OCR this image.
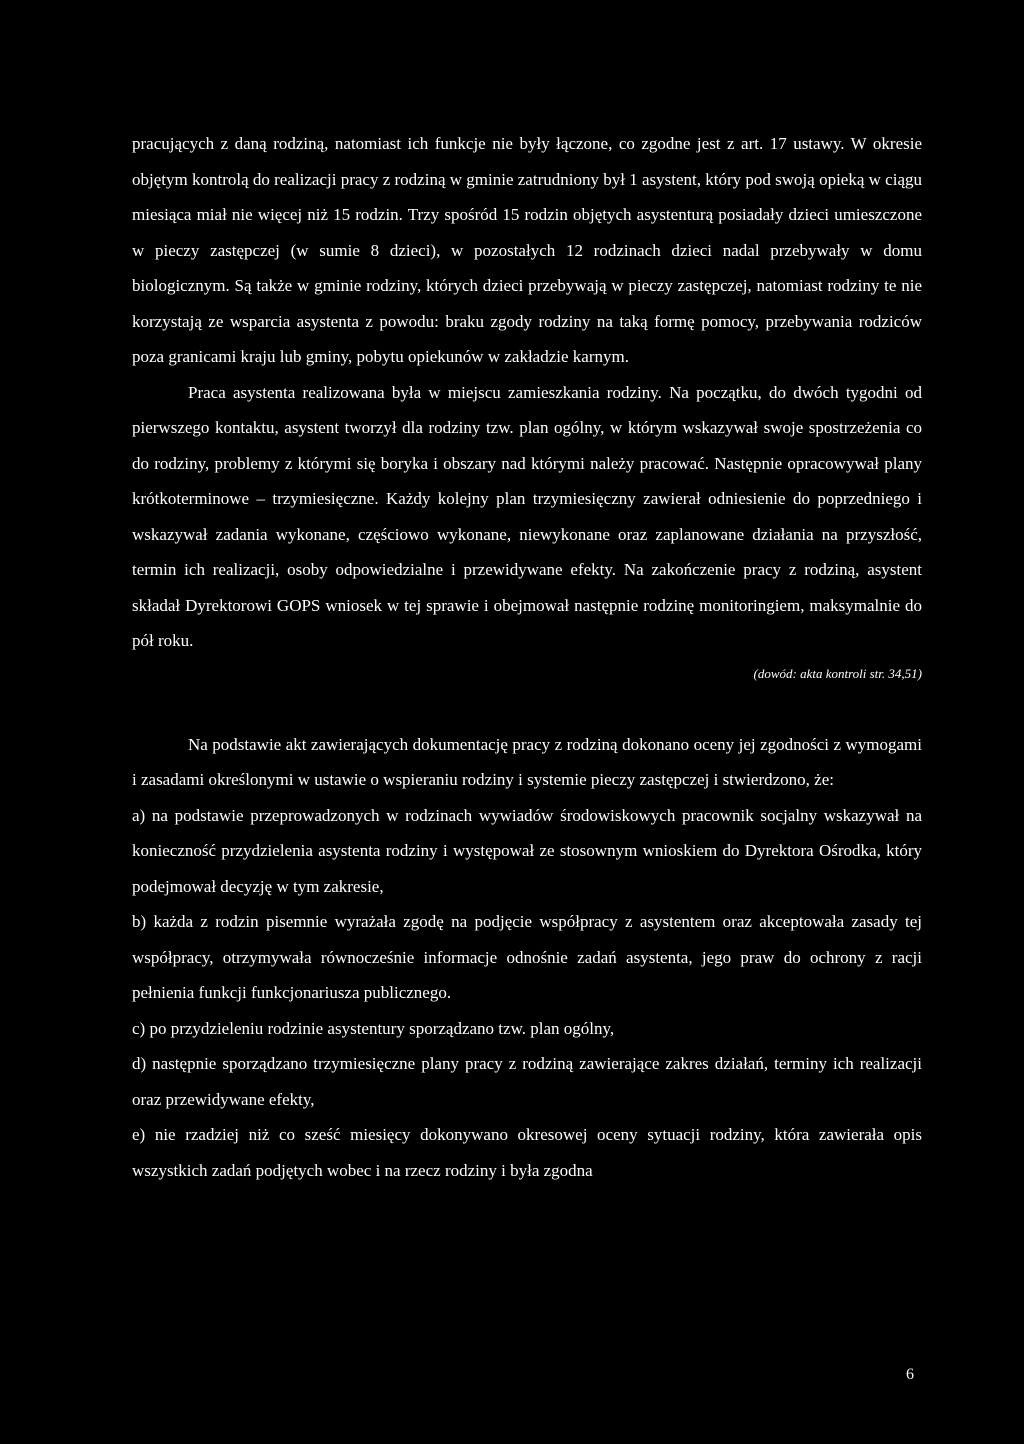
pracujących z daną rodziną, natomiast ich funkcje nie były łączone, co zgodne jest z art. 17 ustawy. W okresie objętym kontrolą do realizacji pracy z rodziną w gminie zatrudniony był 1 asystent, który pod swoją opieką w ciągu miesiąca miał nie więcej niż 15 rodzin. Trzy spośród 15 rodzin objętych asystenturą posiadały dzieci umieszczone w pieczy zastępczej (w sumie 8 dzieci), w pozostałych 12 rodzinach dzieci nadal przebywały w domu biologicznym. Są także w gminie rodziny, których dzieci przebywają w pieczy zastępczej, natomiast rodziny te nie korzystają ze wsparcia asystenta z powodu: braku zgody rodziny na taką formę pomocy, przebywania rodziców poza granicami kraju lub gminy, pobytu opiekunów w zakładzie karnym.

Praca asystenta realizowana była w miejscu zamieszkania rodziny. Na początku, do dwóch tygodni od pierwszego kontaktu, asystent tworzył dla rodziny tzw. plan ogólny, w którym wskazywał swoje spostrzeżenia co do rodziny, problemy z którymi się boryka i obszary nad którymi należy pracować. Następnie opracowywał plany krótkoterminowe – trzymiesięczne. Każdy kolejny plan trzymiesięczny zawierał odniesienie do poprzedniego i wskazywał zadania wykonane, częściowo wykonane, niewykonane oraz zaplanowane działania na przyszłość, termin ich realizacji, osoby odpowiedzialne i przewidywane efekty. Na zakończenie pracy z rodziną, asystent składał Dyrektorowi GOPS wniosek w tej sprawie i obejmował następnie rodzinę monitoringiem, maksymalnie do pół roku.

(dowód: akta kontroli str. 34,51)

Na podstawie akt zawierających dokumentację pracy z rodziną dokonano oceny jej zgodności z wymogami i zasadami określonymi w ustawie o wspieraniu rodziny i systemie pieczy zastępczej i stwierdzono, że:

a) na podstawie przeprowadzonych w rodzinach wywiadów środowiskowych pracownik socjalny wskazywał na konieczność przydzielenia asystenta rodziny i występował ze stosownym wnioskiem do Dyrektora Ośrodka, który podejmował decyzję w tym zakresie,

b) każda z rodzin pisemnie wyrażała zgodę na podjęcie współpracy z asystentem oraz akceptowała zasady tej współpracy, otrzymywała równocześnie informacje odnośnie zadań asystenta, jego praw do ochrony z racji pełnienia funkcji funkcjonariusza publicznego.

c) po przydzieleniu rodzinie asystentury sporządzano tzw. plan ogólny,

d) następnie sporządzano trzymiesięczne plany pracy z rodziną zawierające zakres działań, terminy ich realizacji oraz przewidywane efekty,

e) nie rzadziej niż co sześć miesięcy dokonywano okresowej oceny sytuacji rodziny, która zawierała opis wszystkich zadań podjętych wobec i na rzecz rodziny i była zgodna

6
